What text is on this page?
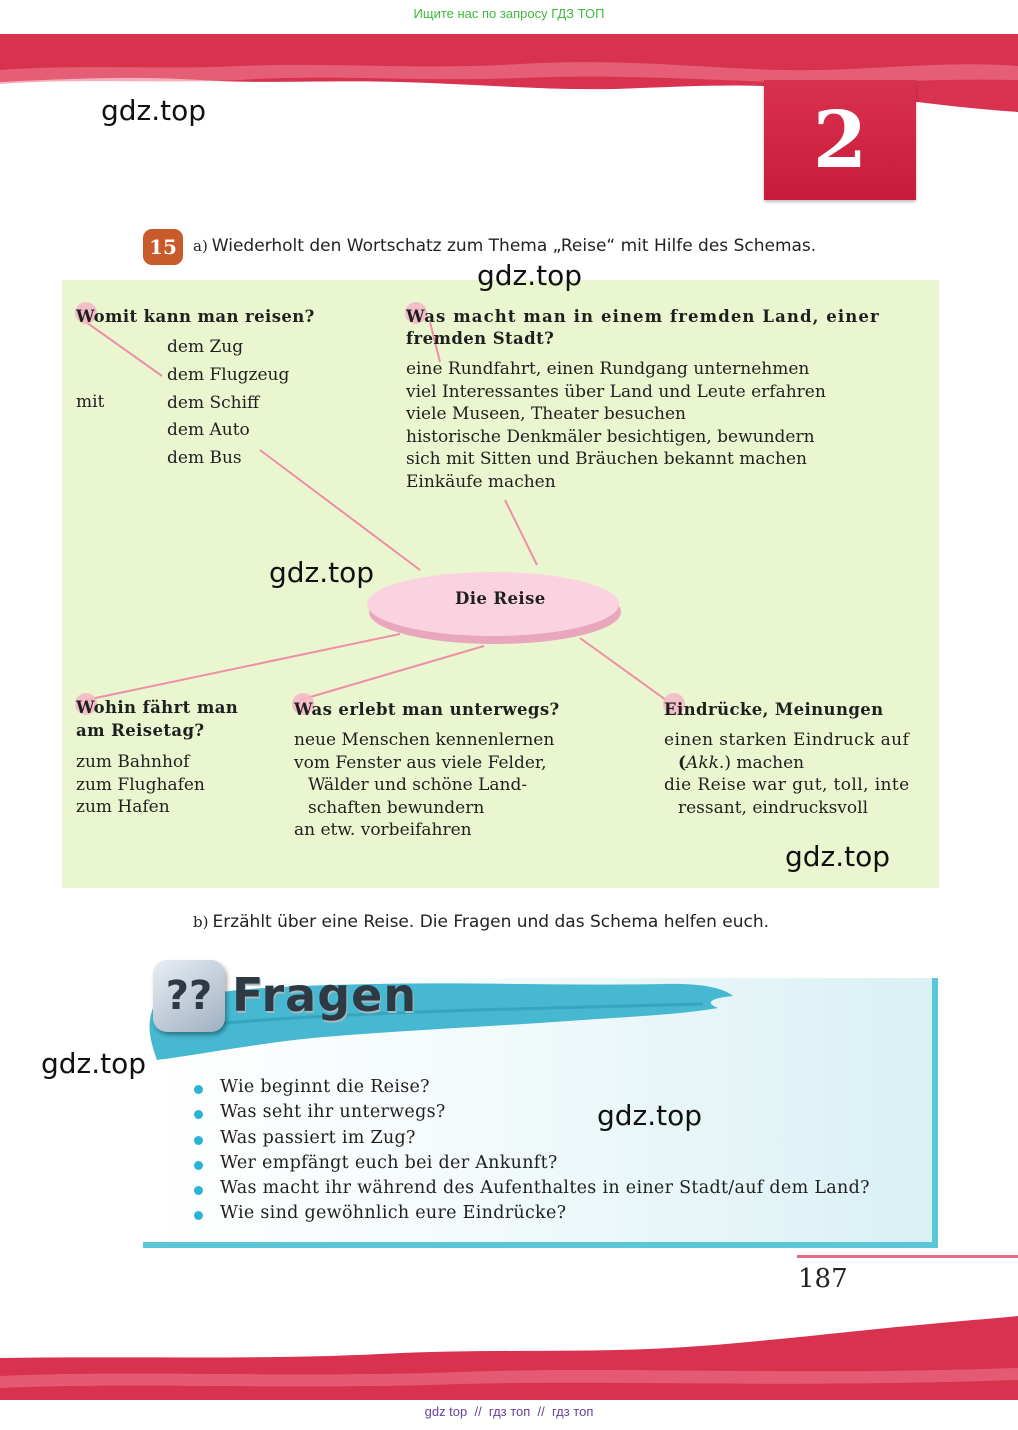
Ищите нас по запросу ГДЗ ТОП
gdz.top	2
15	a) Wiederholt den Wortschatz zum Thema „Reise“ mit Hilfe des Schemas.
gdz.top
Womit kann man reisen?
mit
dem Zug
dem Flugzeug
dem Schiff
dem Auto
dem Bus
Was macht man in einem fremden Land, einer
fremden Stadt?
eine Rundfahrt, einen Rundgang unternehmen
viel Interessantes über Land und Leute erfahren
viele Museen, Theater besuchen
historische Denkmäler besichtigen, bewundern
sich mit Sitten und Bräuchen bekannt machen
Einkäufe machen
gdz.top
Die Reise
Wohin fährt man
am Reisetag?
zum Bahnhof
zum Flughafen
zum Hafen
Was erlebt man unterwegs?
neue Menschen kennenlernen
vom Fenster aus viele Felder,
Wälder und schöne Land-
schaften bewundern
an etw. vorbeifahren
Eindrücke, Meinungen
einen starken Eindruck auf
(Akk.) machen
die Reise war gut, toll, inte
ressant, eindrucksvoll
gdz.top
b) Erzählt über eine Reise. Die Fragen und das Schema helfen euch.
?? Fragen
gdz.top
gdz.top
Wie beginnt die Reise?
Was seht ihr unterwegs?
Was passiert im Zug?
Wer empfängt euch bei der Ankunft?
Was macht ihr während des Aufenthaltes in einer Stadt/auf dem Land?
Wie sind gewöhnlich eure Eindrücke?
187
gdz top  //  гдз топ  //  гдз топ
